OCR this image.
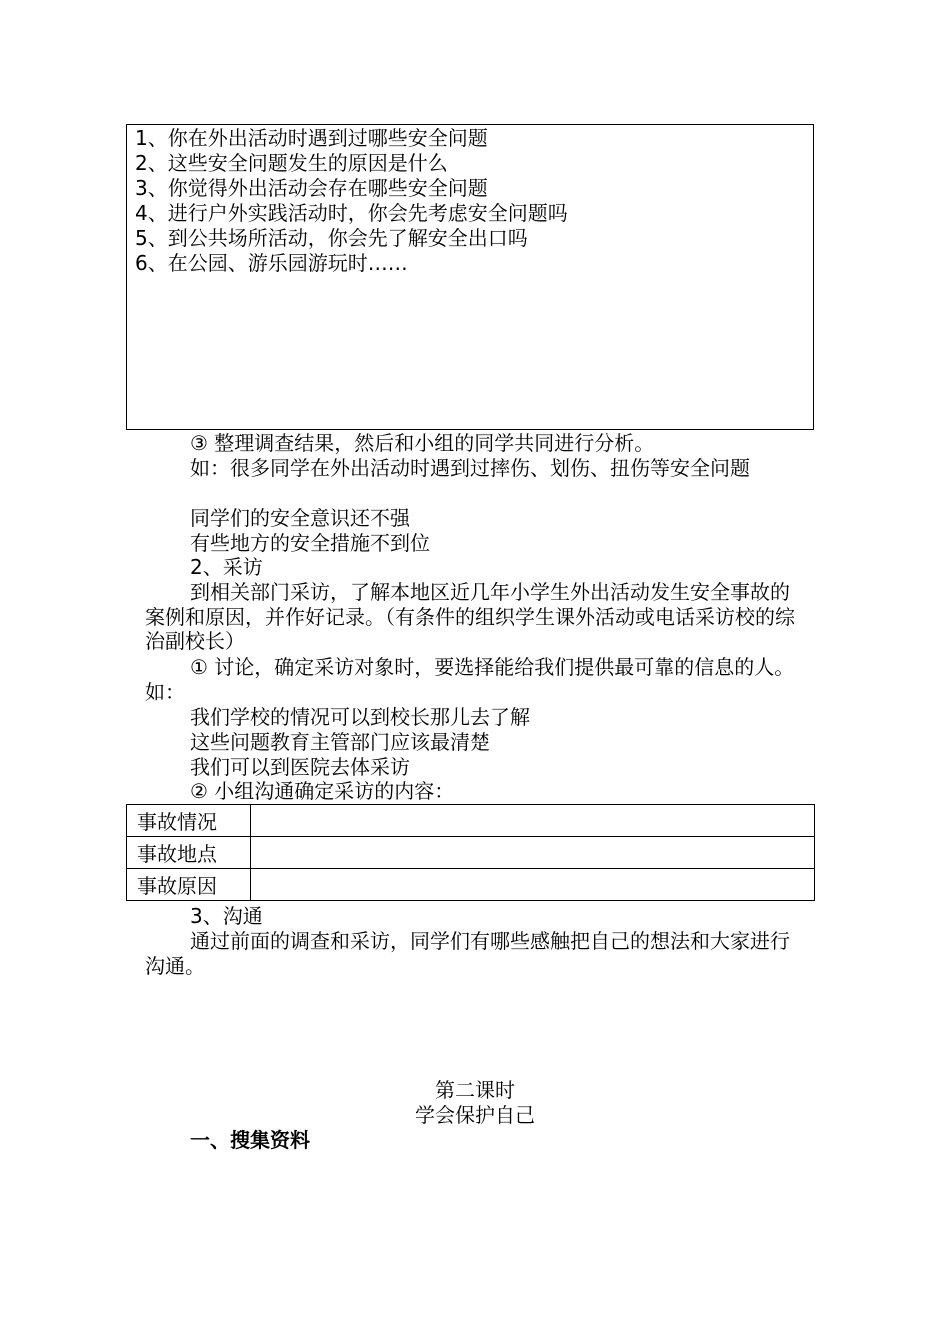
1、你在外出活动时遇到过哪些安全问题
2、这些安全问题发生的原因是什么
3、你觉得外出活动会存在哪些安全问题
4、进行户外实践活动时，你会先考虑安全问题吗
5、到公共场所活动，你会先了解安全出口吗
6、在公园、游乐园游玩时……
③ 整理调查结果，然后和小组的同学共同进行分析。
如：很多同学在外出活动时遇到过摔伤、划伤、扭伤等安全问题
同学们的安全意识还不强
有些地方的安全措施不到位
2、采访
到相关部门采访，了解本地区近几年小学生外出活动发生安全事故的案例和原因，并作好记录。（有条件的组织学生课外活动或电话采访校的综治副校长）
① 讨论，确定采访对象时，要选择能给我们提供最可靠的信息的人。如：
我们学校的情况可以到校长那儿去了解
这些问题教育主管部门应该最清楚
我们可以到医院去体采访
② 小组沟通确定采访的内容：
事故情况	
事故地点	
事故原因	
3、沟通
通过前面的调查和采访，同学们有哪些感触把自己的想法和大家进行沟通。
第二课时
学会保护自己
一、搜集资料
